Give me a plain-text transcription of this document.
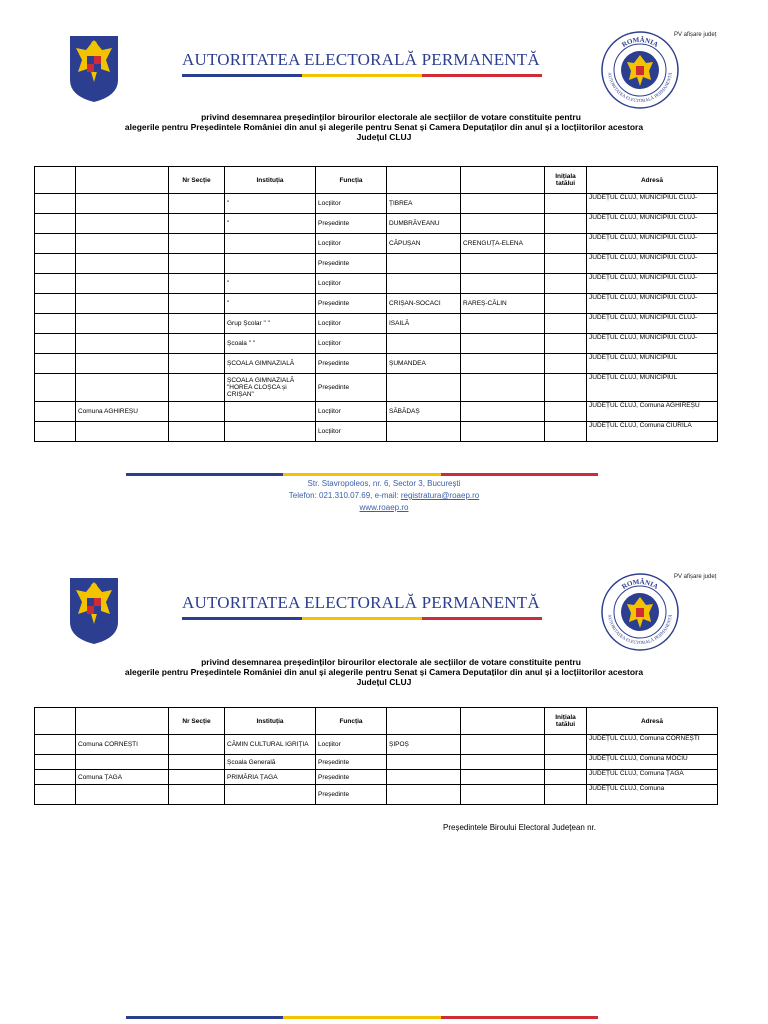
AUTORITATEA ELECTORALĂ PERMANENTĂ
ROMÂNIA
AUTORITATEA ELECTORALĂ PERMANENTĂ
PV afișare județ
privind desemnarea președinților birourilor electorale ale secțiilor de votare constituite pentru
alegerile pentru Președintele României din anul și alegerile pentru Senat și Camera Deputaților din anul și a locțiitorilor acestora
Județul CLUJ
		Nr Secție	Instituția	Funcția			Inițiala tatălui	Adresă
			"	Locțiitor	ȚIBREA			JUDEȚUL CLUJ, MUNICIPIUL CLUJ-
			"	Președinte	DUMBRĂVEANU			JUDEȚUL CLUJ, MUNICIPIUL CLUJ-
				Locțiitor	CĂPUȘAN	CRENGUȚA-ELENA		JUDEȚUL CLUJ, MUNICIPIUL CLUJ-
				Președinte				JUDEȚUL CLUJ, MUNICIPIUL CLUJ-
			"	Locțiitor				JUDEȚUL CLUJ, MUNICIPIUL CLUJ-
			"	Președinte	CRIȘAN-SOCACI	RAREȘ-CĂLIN		JUDEȚUL CLUJ, MUNICIPIUL CLUJ-
			Grup Școlar " "	Locțiitor	ISAILĂ			JUDEȚUL CLUJ, MUNICIPIUL CLUJ-
			Școala " "	Locțiitor				JUDEȚUL CLUJ, MUNICIPIUL CLUJ-
			ȘCOALA GIMNAZIALĂ	Președinte	ȘUMANDEA			JUDEȚUL CLUJ, MUNICIPIUL
			ȘCOALA GIMNAZIALĂ "HOREA CLOȘCA și CRIȘAN"	Președinte				JUDEȚUL CLUJ, MUNICIPIUL
	Comuna AGHIREȘU			Locțiitor	SĂBĂDAȘ			JUDEȚUL CLUJ, Comuna AGHIREȘU
				Locțiitor				JUDEȚUL CLUJ, Comuna CIURILA
Str. Stavropoleos, nr. 6, Sector 3, București
Telefon: 021.310.07.69, e-mail: registratura@roaep.ro
www.roaep.ro
AUTORITATEA ELECTORALĂ PERMANENTĂ
ROMÂNIA
AUTORITATEA ELECTORALĂ PERMANENTĂ
PV afișare județ
privind desemnarea președinților birourilor electorale ale secțiilor de votare constituite pentru
alegerile pentru Președintele României din anul și alegerile pentru Senat și Camera Deputaților din anul și a locțiitorilor acestora
Județul CLUJ
		Nr Secție	Instituția	Funcția			Inițiala tatălui	Adresă
	Comuna CORNEȘTI		CĂMIN CULTURAL IGRIȚIA	Locțiitor	ȘIPOȘ			JUDEȚUL CLUJ, Comuna CORNEȘTI
			Școala Generală	Președinte				JUDEȚUL CLUJ, Comuna MOCIU
	Comuna ȚAGA		PRIMĂRIA ȚAGA	Președinte				JUDEȚUL CLUJ, Comuna ȚAGA
				Președinte				JUDEȚUL CLUJ, Comuna
Președintele Biroului Electoral Județean nr.
